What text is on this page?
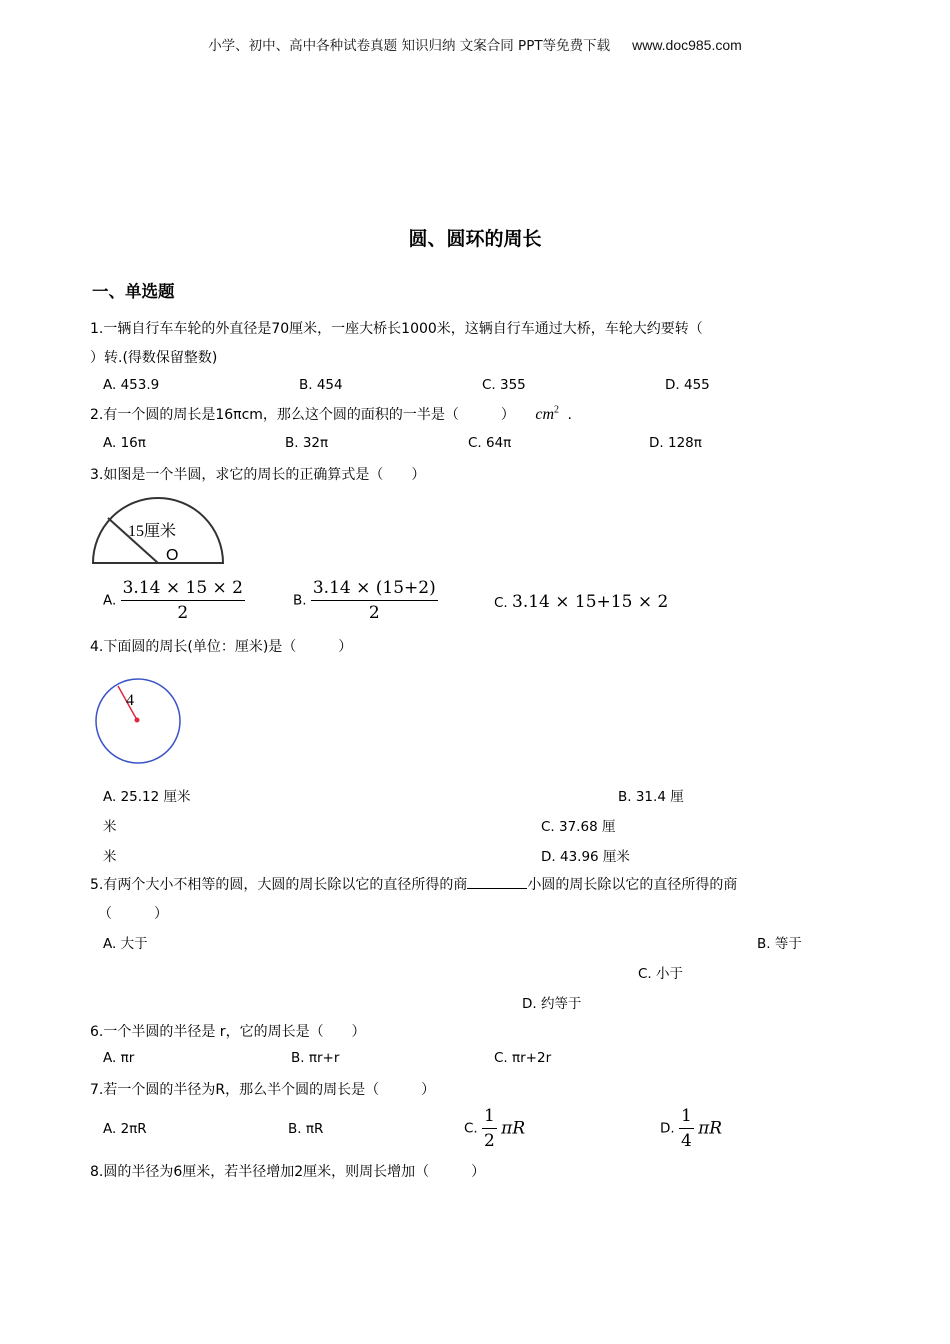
小学、初中、高中各种试卷真题 知识归纳 文案合同 PPT等免费下载 www.doc985.com
圆、圆环的周长
一、单选题
1.一辆自行车车轮的外直径是70厘米，一座大桥长1000米，这辆自行车通过大桥，车轮大约要转（
）转.(得数保留整数)
A. 453.9	B. 454	C. 355	D. 455
2.有一个圆的周长是16πcm，那么这个圆的面积的一半是（　　　） $cm^2$ .
A. 16π	B. 32π	C. 64π	D. 128π
3.如图是一个半圆，求它的周长的正确算式是（　　）
15厘米
O
A. $\frac{3.14 \times 15 \times 2}{2}$	B. $\frac{3.14 \times (15+2)}{2}$	C. 3.14 × 15+15 × 2
4.下面圆的周长(单位：厘米)是（　　　）
4
A. 25.12 厘米	B. 31.4 厘
米	C. 37.68 厘
米	D. 43.96 厘米
5.有两个大小不相等的圆，大圆的周长除以它的直径所得的商	小圆的周长除以它的直径所得的商
（　　　）
A. 大于	B. 等于
C. 小于
D. 约等于
6.一个半圆的半径是 r，它的周长是（　　）
A. πr	B. πr+r	C. πr+2r
7.若一个圆的半径为R，那么半个圆的周长是（　　　）
A. 2πR	B. πR	C. $\frac{1}{2}$ πR	D. $\frac{1}{4}$ πR
8.圆的半径为6厘米，若半径增加2厘米，则周长增加（　　　）
